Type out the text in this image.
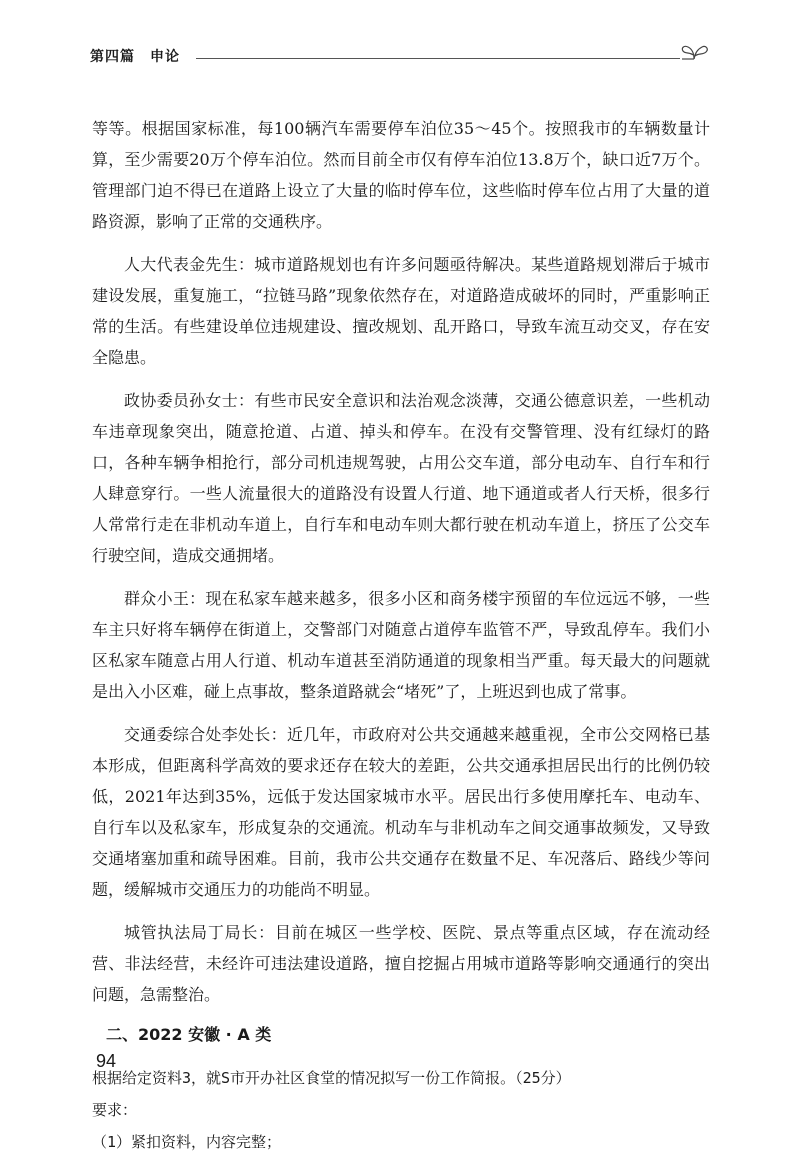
第四篇　申论

等等。根据国家标准，每100辆汽车需要停车泊位35～45个。按照我市的车辆数量计算，至少需要20万个停车泊位。然而目前全市仅有停车泊位13.8万个，缺口近7万个。管理部门迫不得已在道路上设立了大量的临时停车位，这些临时停车位占用了大量的道路资源，影响了正常的交通秩序。

人大代表金先生：城市道路规划也有许多问题亟待解决。某些道路规划滞后于城市建设发展，重复施工，“拉链马路”现象依然存在，对道路造成破坏的同时，严重影响正常的生活。有些建设单位违规建设、擅改规划、乱开路口，导致车流互动交叉，存在安全隐患。

政协委员孙女士：有些市民安全意识和法治观念淡薄，交通公德意识差，一些机动车违章现象突出，随意抢道、占道、掉头和停车。在没有交警管理、没有红绿灯的路口，各种车辆争相抢行，部分司机违规驾驶，占用公交车道，部分电动车、自行车和行人肆意穿行。一些人流量很大的道路没有设置人行道、地下通道或者人行天桥，很多行人常常行走在非机动车道上，自行车和电动车则大都行驶在机动车道上，挤压了公交车行驶空间，造成交通拥堵。

群众小王：现在私家车越来越多，很多小区和商务楼宇预留的车位远远不够，一些车主只好将车辆停在街道上，交警部门对随意占道停车监管不严，导致乱停车。我们小区私家车随意占用人行道、机动车道甚至消防通道的现象相当严重。每天最大的问题就是出入小区难，碰上点事故，整条道路就会“堵死”了，上班迟到也成了常事。

交通委综合处李处长：近几年，市政府对公共交通越来越重视，全市公交网格已基本形成，但距离科学高效的要求还存在较大的差距，公共交通承担居民出行的比例仍较低，2021年达到35%，远低于发达国家城市水平。居民出行多使用摩托车、电动车、自行车以及私家车，形成复杂的交通流。机动车与非机动车之间交通事故频发，又导致交通堵塞加重和疏导困难。目前，我市公共交通存在数量不足、车况落后、路线少等问题，缓解城市交通压力的功能尚不明显。

城管执法局丁局长：目前在城区一些学校、医院、景点等重点区域，存在流动经营、非法经营，未经许可违法建设道路，擅自挖掘占用城市道路等影响交通通行的突出问题，急需整治。

二、2022 安徽 · A 类

根据给定资料3，就S市开办社区食堂的情况拟写一份工作简报。（25分）

要求：

（1）紧扣资料，内容完整；

94
